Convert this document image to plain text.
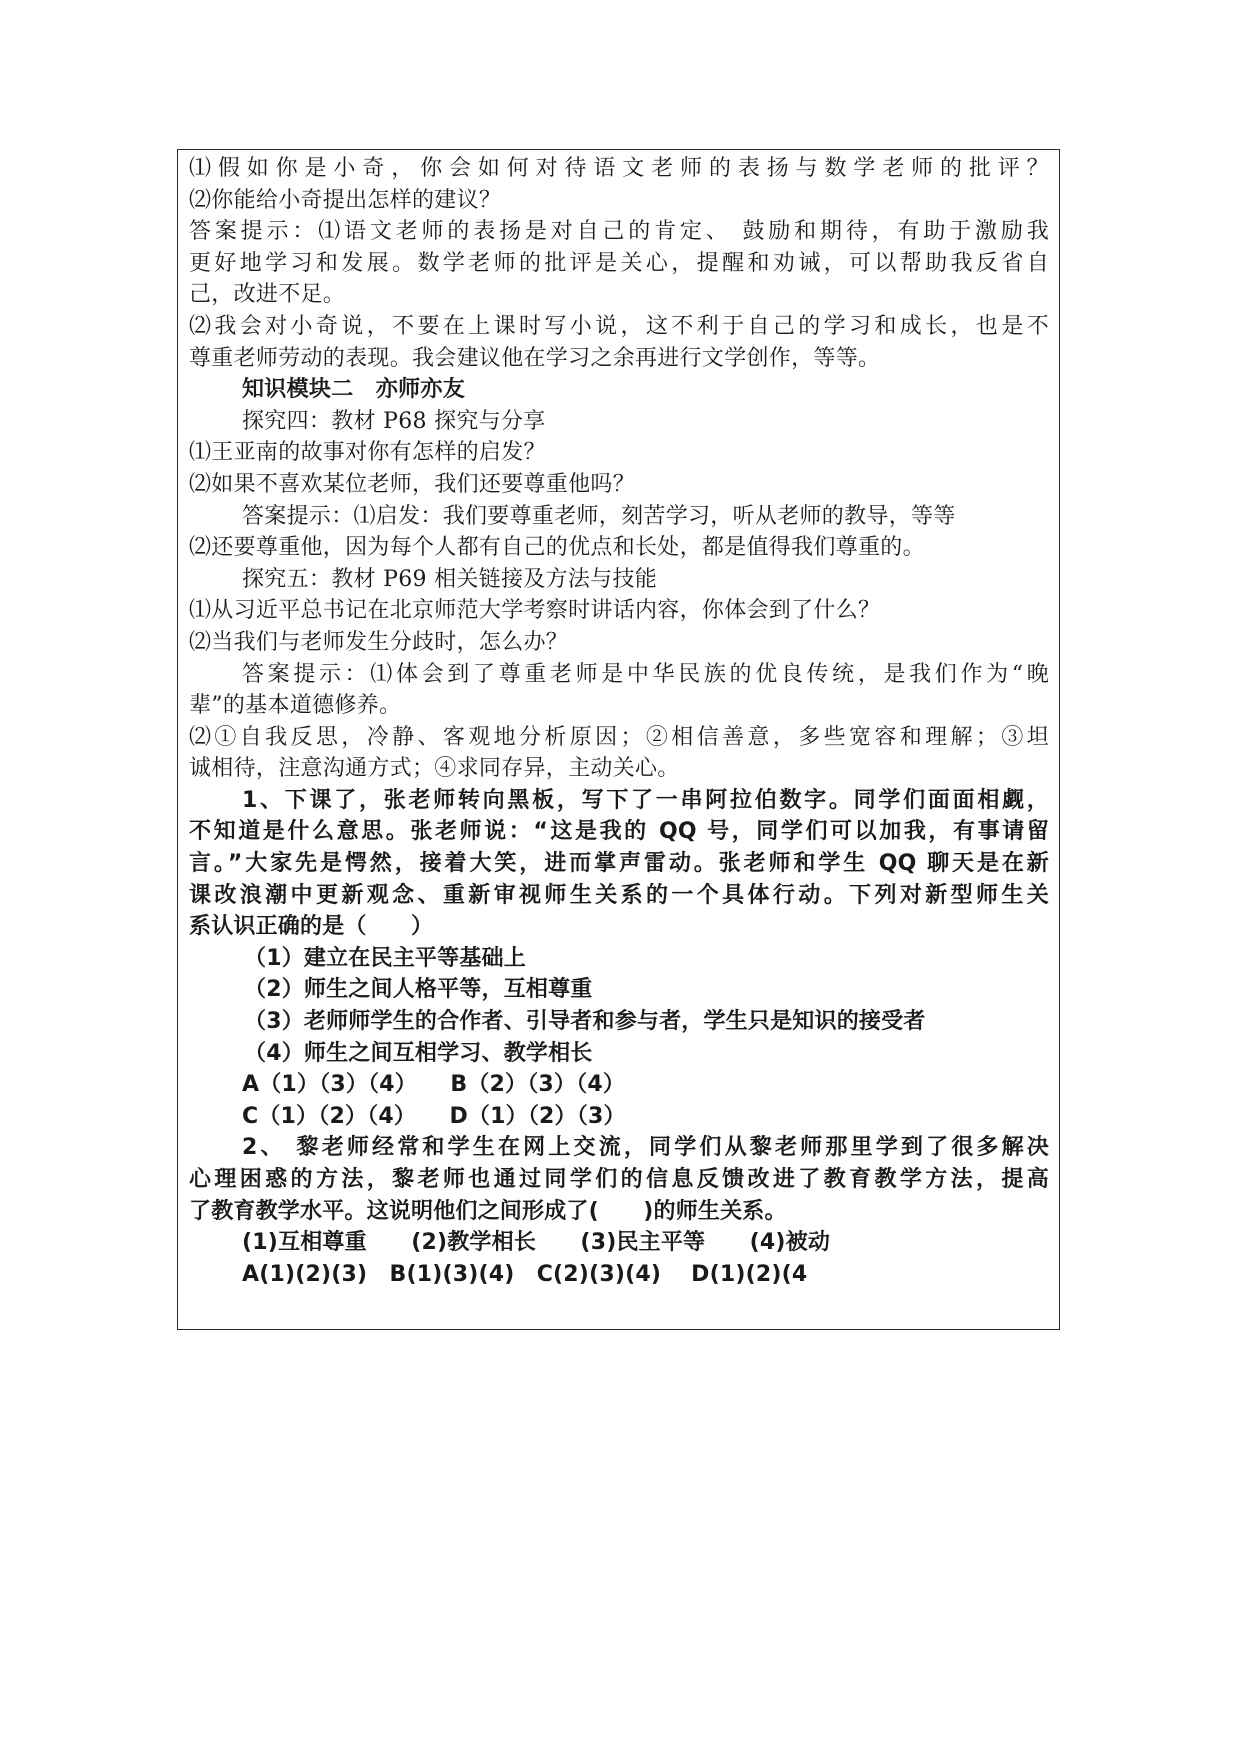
⑴假如你是小奇，你会如何对待语文老师的表扬与数学老师的批评？
⑵你能给小奇提出怎样的建议？
答案提示：⑴语文老师的表扬是对自己的肯定、 鼓励和期待，有助于激励我
更好地学习和发展。数学老师的批评是关心，提醒和劝诫，可以帮助我反省自
己，改进不足。
⑵我会对小奇说，不要在上课时写小说，这不利于自己的学习和成长，也是不
尊重老师劳动的表现。我会建议他在学习之余再进行文学创作，等等。
知识模块二　亦师亦友
探究四：教材 P68 探究与分享
⑴王亚南的故事对你有怎样的启发？
⑵如果不喜欢某位老师，我们还要尊重他吗？
答案提示：⑴启发：我们要尊重老师，刻苦学习，听从老师的教导，等等
⑵还要尊重他，因为每个人都有自己的优点和长处，都是值得我们尊重的。
探究五：教材 P69 相关链接及方法与技能
⑴从习近平总书记在北京师范大学考察时讲话内容，你体会到了什么？
⑵当我们与老师发生分歧时，怎么办？
答案提示：⑴体会到了尊重老师是中华民族的优良传统，是我们作为“晚
辈”的基本道德修养。
⑵①自我反思，冷静、客观地分析原因；②相信善意，多些宽容和理解；③坦
诚相待，注意沟通方式；④求同存异，主动关心。
1、下课了，张老师转向黑板，写下了一串阿拉伯数字。同学们面面相觑，
不知道是什么意思。张老师说：“这是我的 QQ 号，同学们可以加我，有事请留
言。”大家先是愕然，接着大笑，进而掌声雷动。张老师和学生 QQ 聊天是在新
课改浪潮中更新观念、重新审视师生关系的一个具体行动。下列对新型师生关
系认识正确的是（　　）
（1）建立在民主平等基础上
（2）师生之间人格平等，互相尊重
（3）老师师学生的合作者、引导者和参与者，学生只是知识的接受者
（4）师生之间互相学习、教学相长
A（1）（3）（4）　　B（2）（3）（4）
C（1）（2）（4）　　D（1）（2）（3）
2、 黎老师经常和学生在网上交流，同学们从黎老师那里学到了很多解决
心理困惑的方法，黎老师也通过同学们的信息反馈改进了教育教学方法，提高
了教育教学水平。这说明他们之间形成了(　　)的师生关系。
(1)互相尊重　　(2)教学相长　　(3)民主平等　　(4)被动
A(1)(2)(3)　B(1)(3)(4)　C(2)(3)(4)　 D(1)(2)(4
